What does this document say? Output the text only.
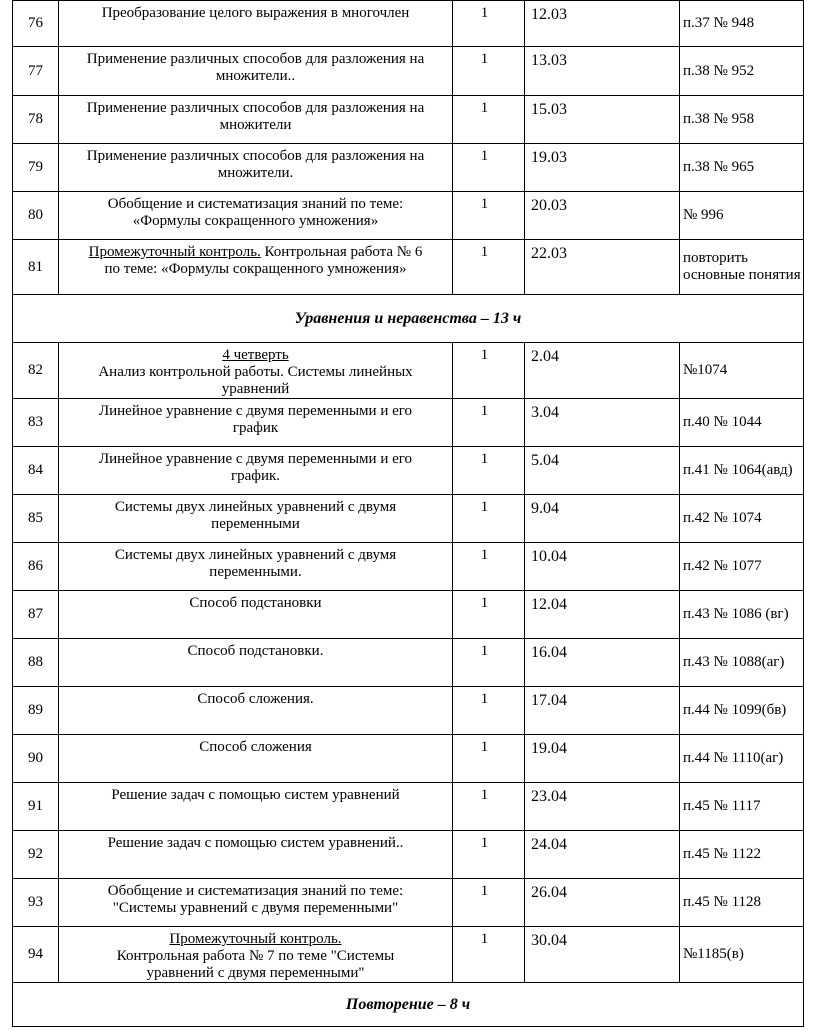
76	Преобразование целого выражения в многочлен	1	12.03	п.37 № 948
77	Применение различных способов для разложения на
множители..	1	13.03	п.38 № 952
78	Применение различных способов для разложения на
множители	1	15.03	п.38 № 958
79	Применение различных способов для разложения на
множители.	1	19.03	п.38 № 965
80	Обобщение и систематизация знаний по теме:
«Формулы сокращенного умножения»	1	20.03	№ 996
81	Промежуточный контроль. Контрольная работа № 6
по теме: «Формулы сокращенного умножения»	1	22.03	повторить
основные понятия
Уравнения и неравенства – 13 ч				
82	4 четверть
Анализ контрольной работы. Системы линейных
уравнений	1	2.04	№1074
83	Линейное уравнение с двумя переменными и его
график	1	3.04	п.40 № 1044
84	Линейное уравнение с двумя переменными и его
график.	1	5.04	п.41 № 1064(авд)
85	Системы двух линейных уравнений с двумя
переменными	1	9.04	п.42 № 1074
86	Системы двух линейных уравнений с двумя
переменными.	1	10.04	п.42 № 1077
87	Способ подстановки	1	12.04	п.43 № 1086 (вг)
88	Способ подстановки.	1	16.04	п.43 № 1088(аг)
89	Способ сложения.	1	17.04	п.44 № 1099(бв)
90	Способ сложения	1	19.04	п.44 № 1110(аг)
91	Решение задач с помощью систем уравнений	1	23.04	п.45 № 1117
92	Решение задач с помощью систем уравнений..	1	24.04	п.45 № 1122
93	Обобщение и систематизация знаний по теме:
"Системы уравнений с двумя переменными"	1	26.04	п.45 № 1128
94	Промежуточный контроль.
Контрольная работа № 7 по теме "Системы
уравнений с двумя переменными"	1	30.04	№1185(в)
Повторение – 8 ч				
